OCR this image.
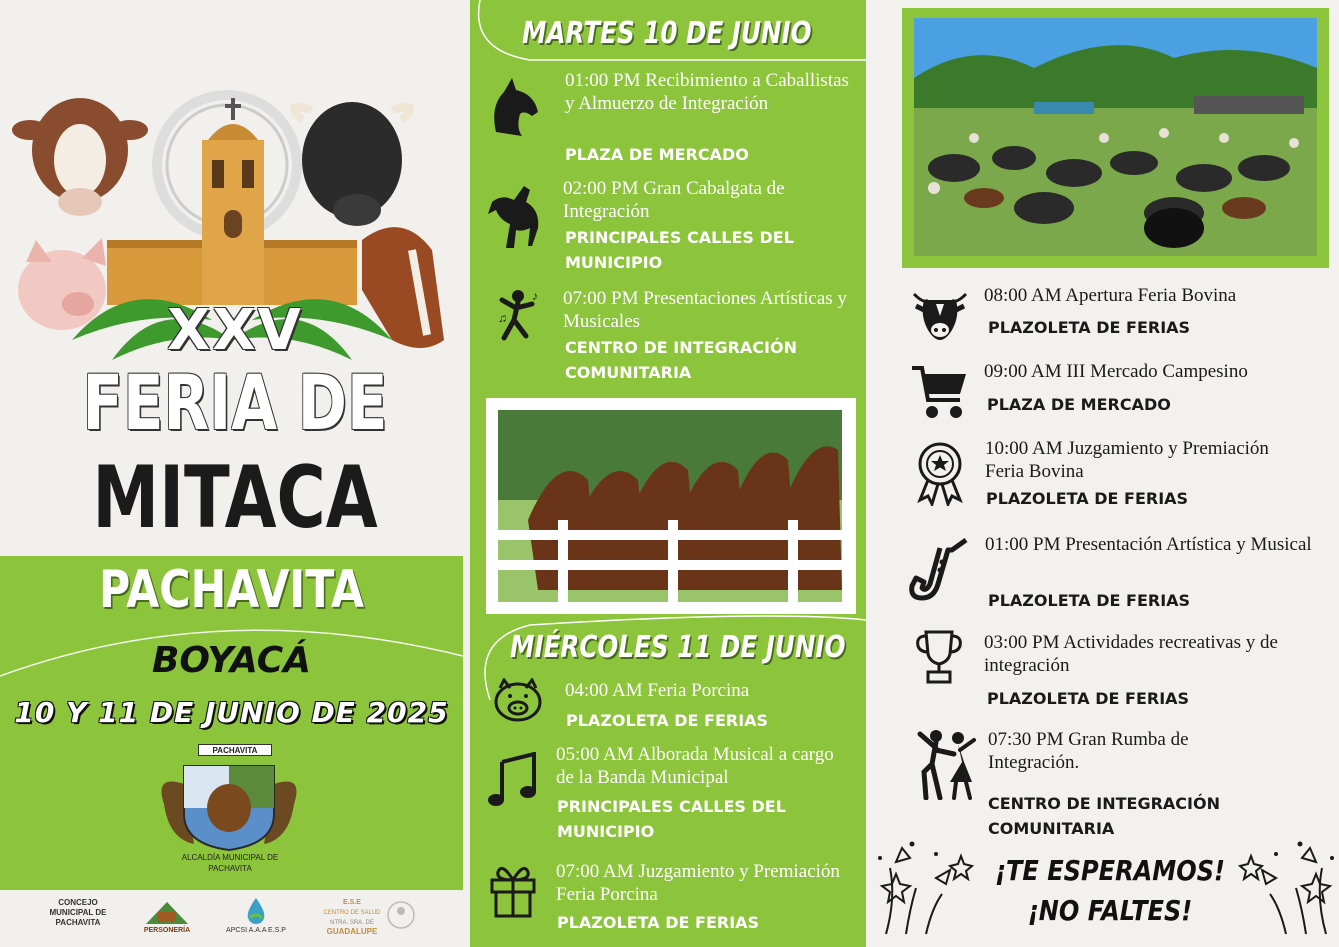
XXV
FERIA DE
MITACA
PACHAVITA
BOYACÁ
10 Y 11 DE JUNIO DE 2025
PACHAVITA
ALCALDÍA MUNICIPAL DE PACHAVITA
CONCEJO MUNICIPAL DE PACHAVITA
PERSONERÍA	APCSI A.A.A E.S.P
E.S.E
CENTRO DE SALUD
NTRA. SRA. DE
GUADALUPE
MARTES 10 DE JUNIO
01:00 PM Recibimiento a Caballistas y Almuerzo de Integración
PLAZA DE MERCADO
02:00 PM Gran Cabalgata de Integración
PRINCIPALES CALLES DEL MUNICIPIO
♪
♫
07:00 PM Presentaciones Artísticas y Musicales
CENTRO DE INTEGRACIÓN COMUNITARIA
MIÉRCOLES 11 DE JUNIO
04:00 AM Feria Porcina
PLAZOLETA DE FERIAS
05:00 AM Alborada Musical a cargo de la Banda Municipal
PRINCIPALES CALLES DEL MUNICIPIO
07:00 AM Juzgamiento y Premiación Feria Porcina
PLAZOLETA DE FERIAS
08:00 AM Apertura Feria Bovina
PLAZOLETA DE FERIAS
09:00 AM III Mercado Campesino
PLAZA DE MERCADO
10:00 AM Juzgamiento y Premiación Feria Bovina
PLAZOLETA DE FERIAS
01:00 PM Presentación Artística y Musical
PLAZOLETA DE FERIAS
03:00 PM Actividades recreativas y de integración
PLAZOLETA DE FERIAS
07:30 PM Gran Rumba de Integración.
CENTRO DE INTEGRACIÓN COMUNITARIA
¡TE ESPERAMOS!
¡NO FALTES!
